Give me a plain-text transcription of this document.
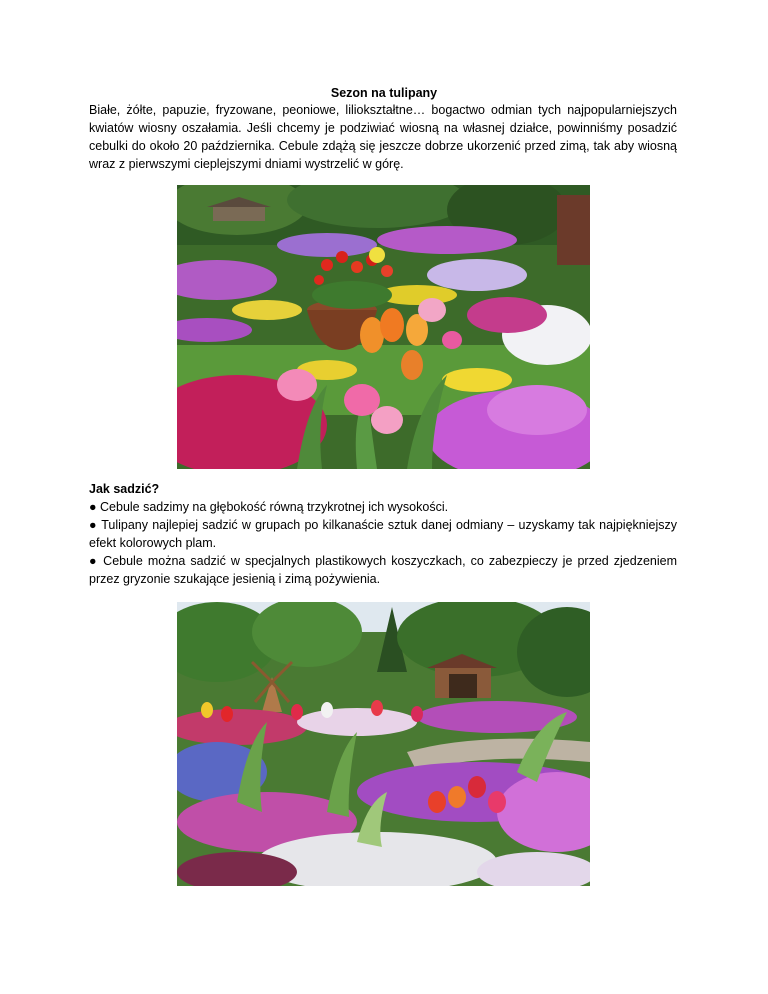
Sezon na tulipany
Białe, żółte, papuzie, fryzowane, peoniowe, liliokształtne… bogactwo odmian tych najpopularniejszych kwiatów wiosny oszałamia. Jeśli chcemy je podziwiać wiosną na własnej działce, powinniśmy posadzić cebulki do około 20 października. Cebule zdążą się jeszcze dobrze ukorzenić przed zimą, tak aby wiosną wraz z pierwszymi cieplejszymi dniami wystrzelić w górę.
Jak sadzić?

● Cebule sadzimy na głębokość równą trzykrotnej ich wysokości.

● Tulipany najlepiej sadzić w grupach po kilkanaście sztuk danej odmiany – uzyskamy tak najpiękniejszy efekt kolorowych plam.

● Cebule można sadzić w specjalnych plastikowych koszyczkach, co zabezpieczy je przed zjedzeniem przez gryzonie szukające jesienią i zimą pożywienia.
